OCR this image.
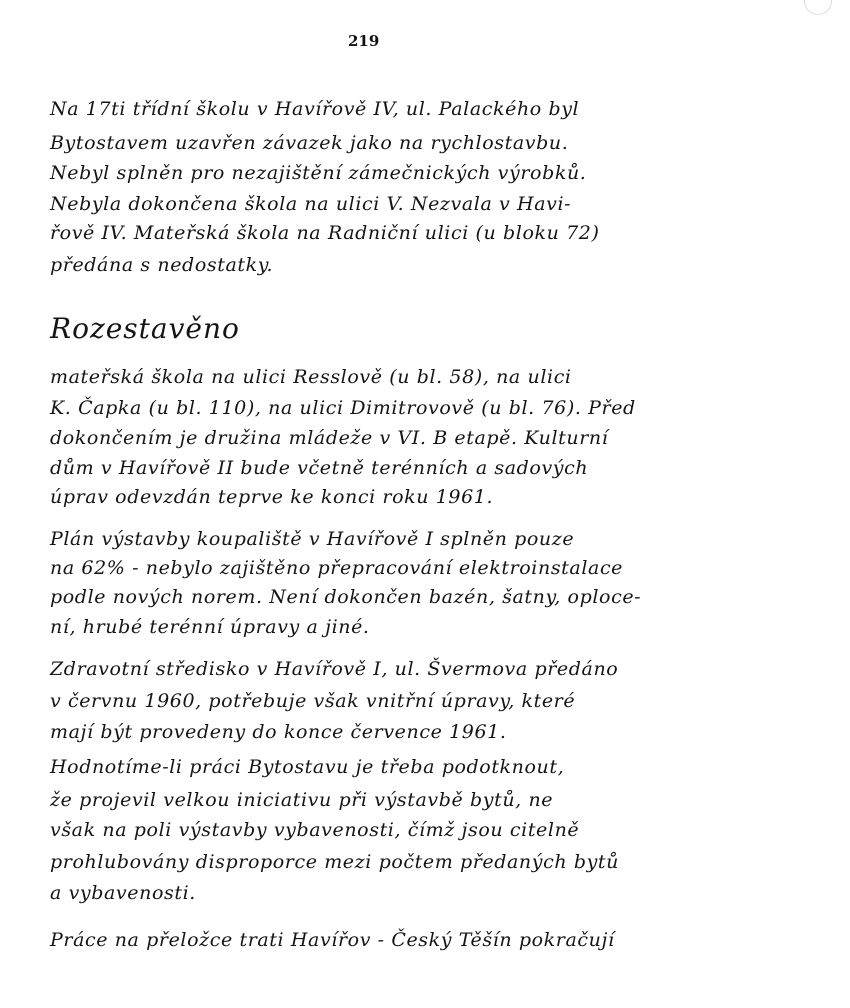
219
Na 17ti třídní školu v Havířově IV, ul. Palackého byl
Bytostavem uzavřen závazek jako na rychlostavbu.
Nebyl splněn pro nezajištění zámečnických výrobků.
Nebyla dokončena škola na ulici V. Nezvala v Havi-
řově IV. Mateřská škola na Radniční ulici (u bloku 72)
předána s nedostatky.
Rozestavěno
mateřská škola na ulici Resslově (u bl. 58), na ulici
K. Čapka (u bl. 110), na ulici Dimitrovově (u bl. 76). Před
dokončením je družina mládeže v VI. B etapě. Kulturní
dům v Havířově II bude včetně terénních a sadových
úprav odevzdán teprve ke konci roku 1961.
Plán výstavby koupaliště v Havířově I splněn pouze
na 62% - nebylo zajištěno přepracování elektroinstalace
podle nových norem. Není dokončen bazén, šatny, oploce-
ní, hrubé terénní úpravy a jiné.
Zdravotní středisko v Havířově I, ul. Švermova předáno
v červnu 1960, potřebuje však vnitřní úpravy, které
mají být provedeny do konce července 1961.
Hodnotíme-li práci Bytostavu je třeba podotknout,
že projevil velkou iniciativu při výstavbě bytů, ne
však na poli výstavby vybavenosti, čímž jsou citelně
prohlubovány disproporce mezi počtem předaných bytů
a vybavenosti.
Práce na přeložce trati Havířov - Český Těšín pokračují
